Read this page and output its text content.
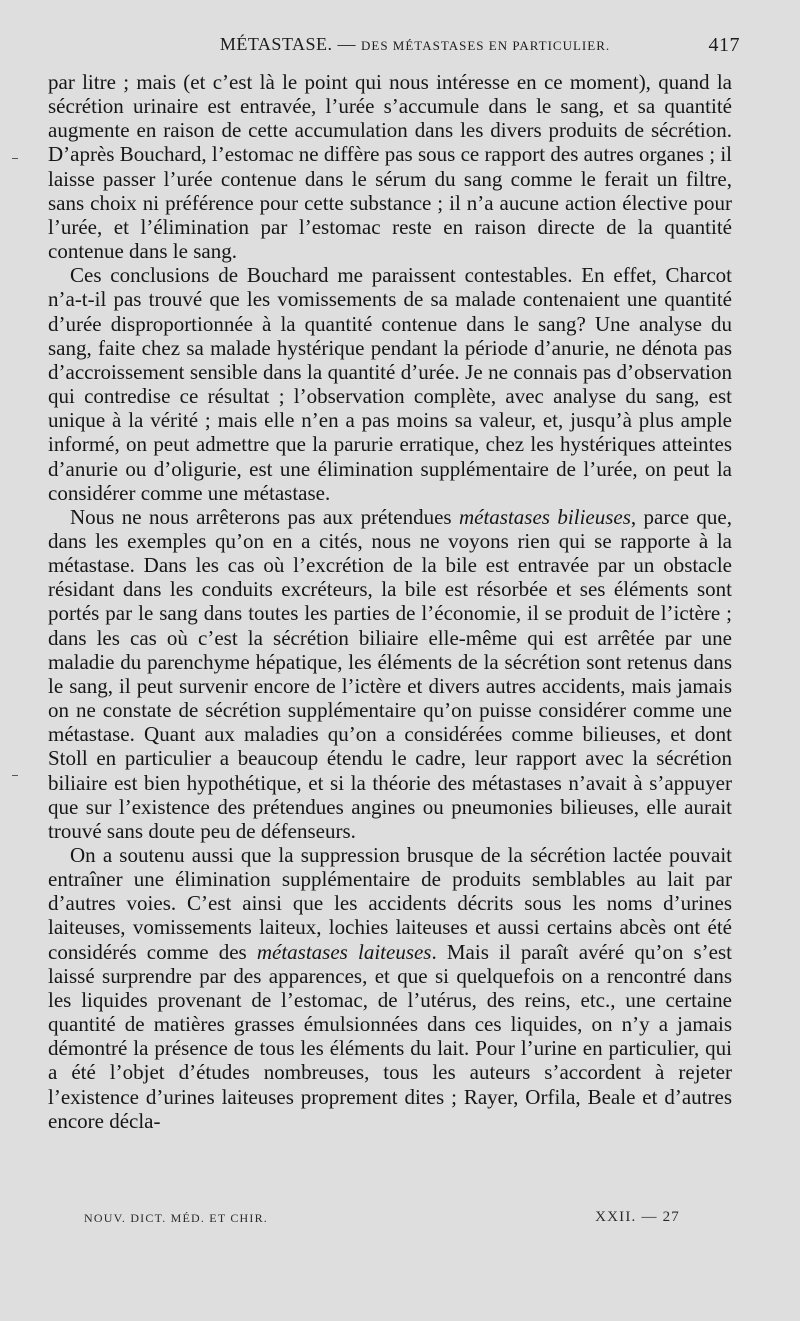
MÉTASTASE. — DES MÉTASTASES EN PARTICULIER.	417

par litre ; mais (et c’est là le point qui nous intéresse en ce moment), quand la sécrétion urinaire est entravée, l’urée s’accumule dans le sang, et sa quantité augmente en raison de cette accumulation dans les divers produits de sécrétion. D’après Bouchard, l’estomac ne diffère pas sous ce rapport des autres organes ; il laisse passer l’urée contenue dans le sérum du sang comme le ferait un filtre, sans choix ni préférence pour cette substance ; il n’a aucune action élective pour l’urée, et l’élimination par l’estomac reste en raison directe de la quantité contenue dans le sang.

Ces conclusions de Bouchard me paraissent contestables. En effet, Charcot n’a-t-il pas trouvé que les vomissements de sa malade contenaient une quantité d’urée disproportionnée à la quantité contenue dans le sang? Une analyse du sang, faite chez sa malade hystérique pendant la période d’anurie, ne dénota pas d’accroissement sensible dans la quantité d’urée. Je ne connais pas d’observation qui contredise ce résultat ; l’observation complète, avec analyse du sang, est unique à la vérité ; mais elle n’en a pas moins sa valeur, et, jusqu’à plus ample informé, on peut admettre que la parurie erratique, chez les hystériques atteintes d’anurie ou d’oligurie, est une élimination supplémentaire de l’urée, on peut la considérer comme une métastase.

Nous ne nous arrêterons pas aux prétendues métastases bilieuses, parce que, dans les exemples qu’on en a cités, nous ne voyons rien qui se rapporte à la métastase. Dans les cas où l’excrétion de la bile est entravée par un obstacle résidant dans les conduits excréteurs, la bile est résorbée et ses éléments sont portés par le sang dans toutes les parties de l’économie, il se produit de l’ictère ; dans les cas où c’est la sécrétion biliaire elle-même qui est arrêtée par une maladie du parenchyme hépatique, les éléments de la sécrétion sont retenus dans le sang, il peut survenir encore de l’ictère et divers autres accidents, mais jamais on ne constate de sécrétion supplémentaire qu’on puisse considérer comme une métastase. Quant aux maladies qu’on a considérées comme bilieuses, et dont Stoll en particulier a beaucoup étendu le cadre, leur rapport avec la sécrétion biliaire est bien hypothétique, et si la théorie des métastases n’avait à s’appuyer que sur l’existence des prétendues angines ou pneumonies bilieuses, elle aurait trouvé sans doute peu de défenseurs.

On a soutenu aussi que la suppression brusque de la sécrétion lactée pouvait entraîner une élimination supplémentaire de produits semblables au lait par d’autres voies. C’est ainsi que les accidents décrits sous les noms d’urines laiteuses, vomissements laiteux, lochies laiteuses et aussi certains abcès ont été considérés comme des métastases laiteuses. Mais il paraît avéré qu’on s’est laissé surprendre par des apparences, et que si quelquefois on a rencontré dans les liquides provenant de l’estomac, de l’utérus, des reins, etc., une certaine quantité de matières grasses émulsionnées dans ces liquides, on n’y a jamais démontré la présence de tous les éléments du lait. Pour l’urine en particulier, qui a été l’objet d’études nombreuses, tous les auteurs s’accordent à rejeter l’existence d’urines laiteuses proprement dites ; Rayer, Orfila, Beale et d’autres encore décla-

NOUV. DICT. MÉD. ET CHIR.	XXII. — 27
